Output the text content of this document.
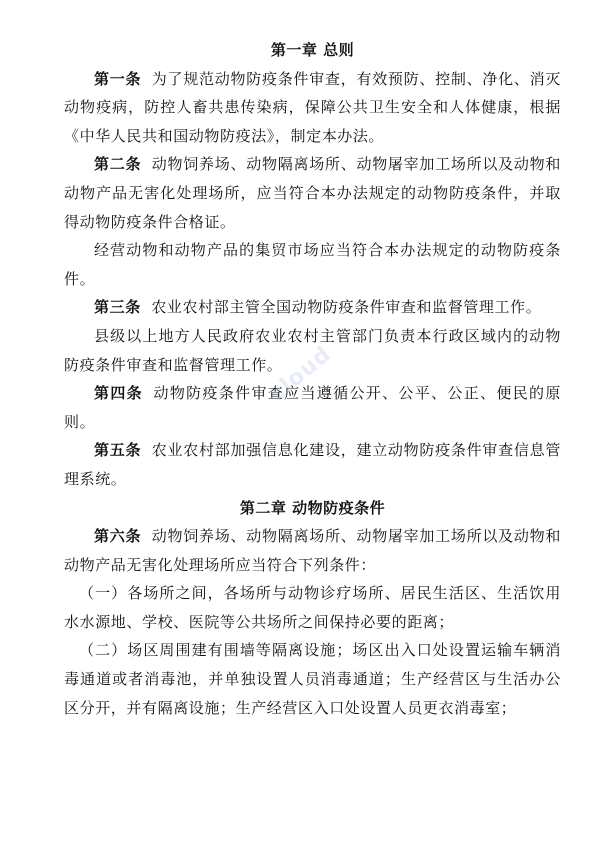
第一章 总则

第一条 为了规范动物防疫条件审查，有效预防、控制、净化、消灭动物疫病，防控人畜共患传染病，保障公共卫生安全和人体健康，根据《中华人民共和国动物防疫法》，制定本办法。

第二条 动物饲养场、动物隔离场所、动物屠宰加工场所以及动物和动物产品无害化处理场所，应当符合本办法规定的动物防疫条件，并取得动物防疫条件合格证。

经营动物和动物产品的集贸市场应当符合本办法规定的动物防疫条件。

第三条 农业农村部主管全国动物防疫条件审查和监督管理工作。

县级以上地方人民政府农业农村主管部门负责本行政区域内的动物防疫条件审查和监督管理工作。

第四条 动物防疫条件审查应当遵循公开、公平、公正、便民的原则。

第五条 农业农村部加强信息化建设，建立动物防疫条件审查信息管理系统。

第二章 动物防疫条件

第六条 动物饲养场、动物隔离场所、动物屠宰加工场所以及动物和动物产品无害化处理场所应当符合下列条件：

（一）各场所之间，各场所与动物诊疗场所、居民生活区、生活饮用水水源地、学校、医院等公共场所之间保持必要的距离；

（二）场区周围建有围墙等隔离设施；场区出入口处设置运输车辆消毒通道或者消毒池，并单独设置人员消毒通道；生产经营区与生活办公区分开，并有隔离设施；生产经营区入口处设置人员更衣消毒室；

cloud
